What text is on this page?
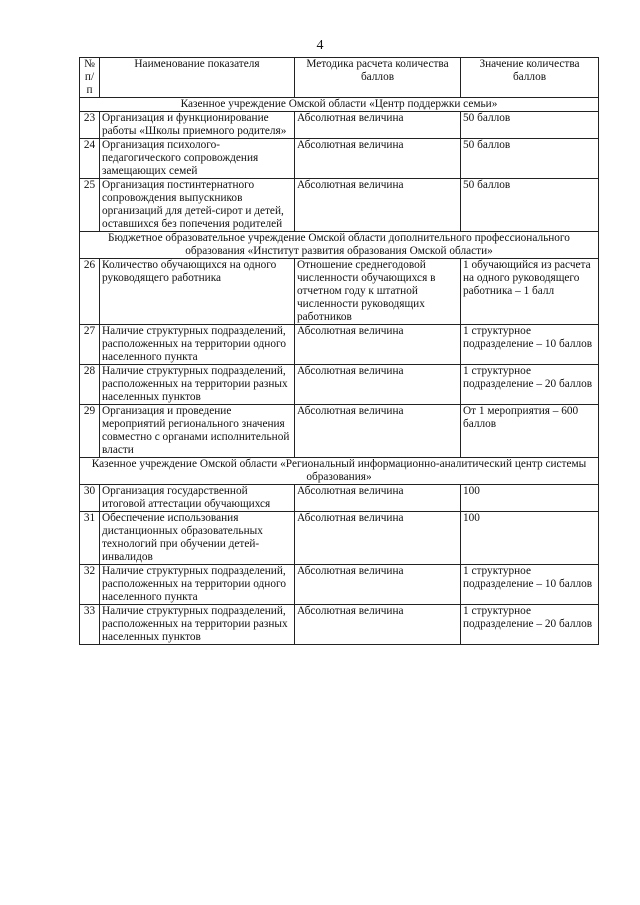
4
№ п/п	Наименование показателя	Методика расчета количества баллов	Значение количества баллов
Казенное учреждение Омской области «Центр поддержки семьи»			
23	Организация и функционирование работы «Школы приемного родителя»	Абсолютная величина	50 баллов
24	Организация психолого-педагогического сопровождения замещающих семей	Абсолютная величина	50 баллов
25	Организация постинтернатного сопровождения выпускников организаций для детей-сирот и детей, оставшихся без попечения родителей	Абсолютная величина	50 баллов
Бюджетное образовательное учреждение Омской области дополнительного профессионального образования «Институт развития образования Омской области»			
26	Количество обучающихся на одного руководящего работника	Отношение среднегодовой численности обучающихся в отчетном году к штатной численности руководящих работников	1 обучающийся из расчета на одного руководящего работника – 1 балл
27	Наличие структурных подразделений, расположенных на территории одного населенного пункта	Абсолютная величина	1 структурное подразделение – 10 баллов
28	Наличие структурных подразделений, расположенных на территории разных населенных пунктов	Абсолютная величина	1 структурное подразделение – 20 баллов
29	Организация и проведение мероприятий регионального значения совместно с органами исполнительной власти	Абсолютная величина	От 1 мероприятия – 600 баллов
Казенное учреждение Омской области «Региональный информационно-аналитический центр системы образования»			
30	Организация государственной итоговой аттестации обучающихся	Абсолютная величина	100
31	Обеспечение использования дистанционных образовательных технологий при обучении детей-инвалидов	Абсолютная величина	100
32	Наличие структурных подразделений, расположенных на территории одного населенного пункта	Абсолютная величина	1 структурное подразделение – 10 баллов
33	Наличие структурных подразделений, расположенных на территории разных населенных пунктов	Абсолютная величина	1 структурное подразделение – 20 баллов
